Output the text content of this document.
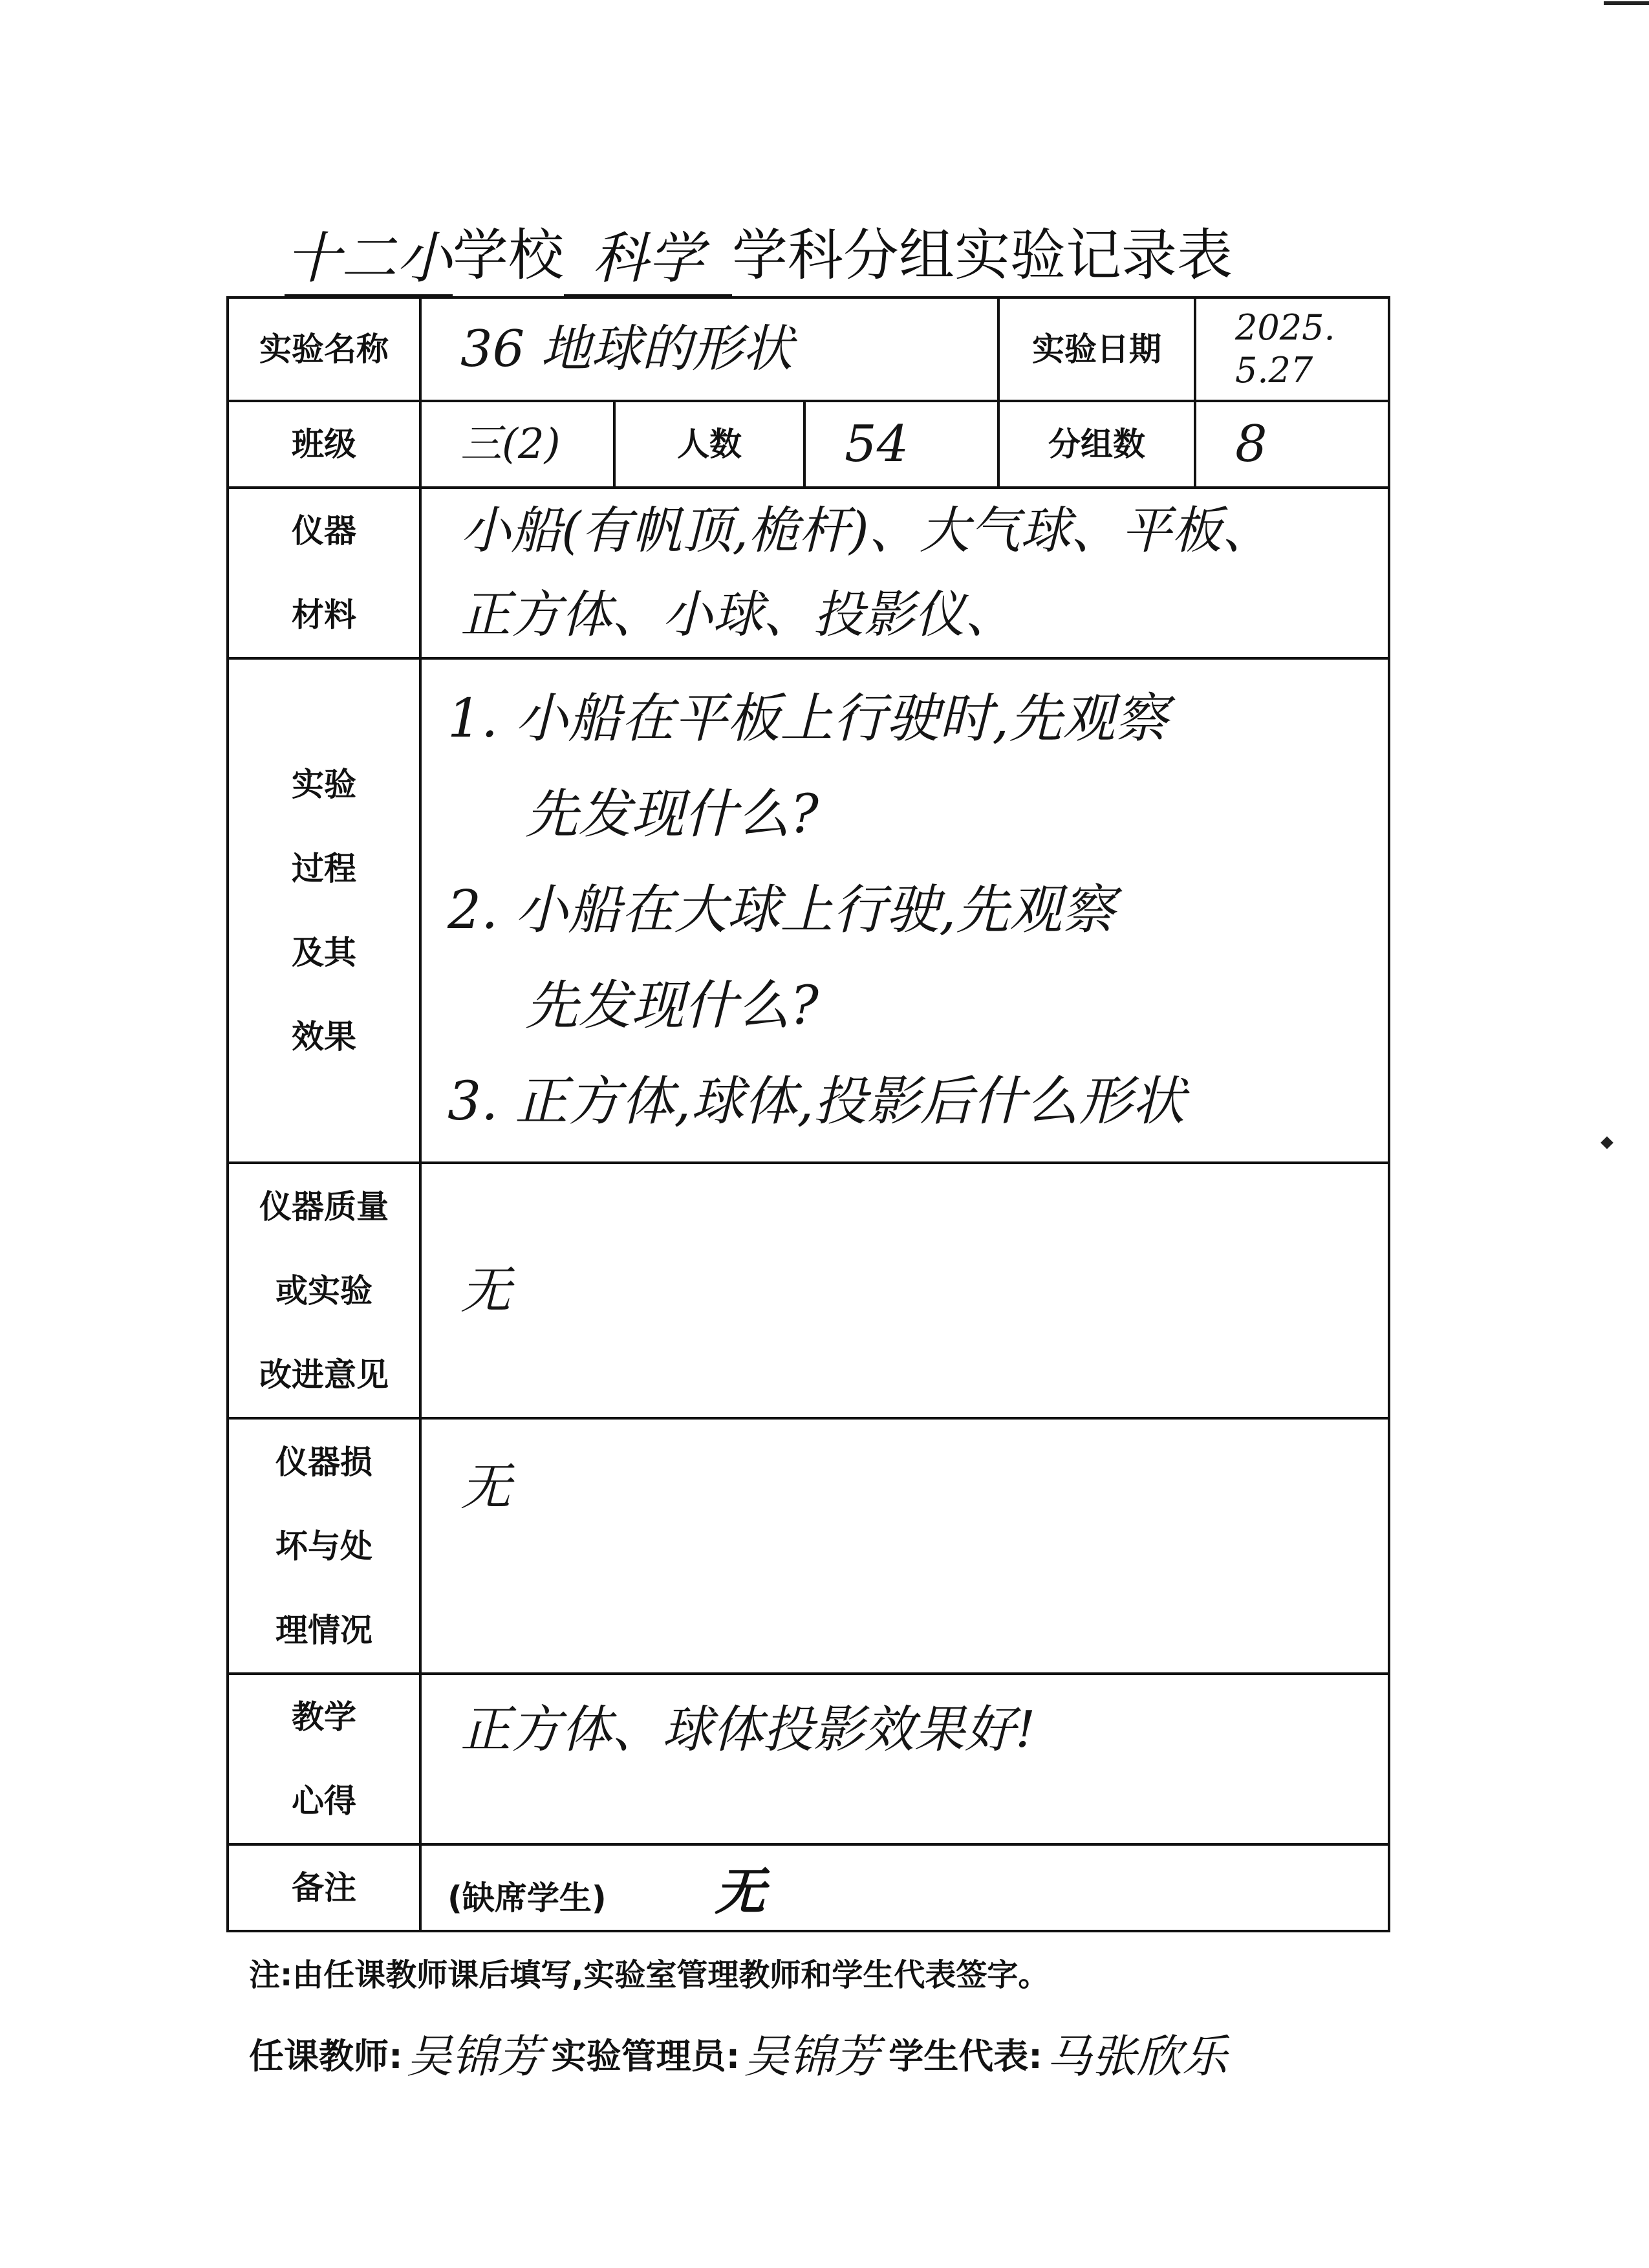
十二小学校 科学 学科分组实验记录表
实验名称	36 地球的形状			实验日期	2025.
5.27

班级	三(2)	人数	54	分组数	8

仪器
材料	小船(有帆顶,桅杆)、大气球、平板、
正方体、小球、投影仪、				

实验
过程
及其
效果	1. 小船在平板上行驶时,先观察
先发现什么?
2. 小船在大球上行驶,先观察
先发现什么?
3. 正方体,球体,投影后什么形状				

仪器质量
或实验
改进意见	无				

仪器损
坏与处
理情况	无				

教学
心得	正方体、球体投影效果好!				
备注	(缺席学生) 无				
注:由任课教师课后填写,实验室管理教师和学生代表签字。
任课教师:吴锦芳 实验管理员:吴锦芳 学生代表:马张欣乐
